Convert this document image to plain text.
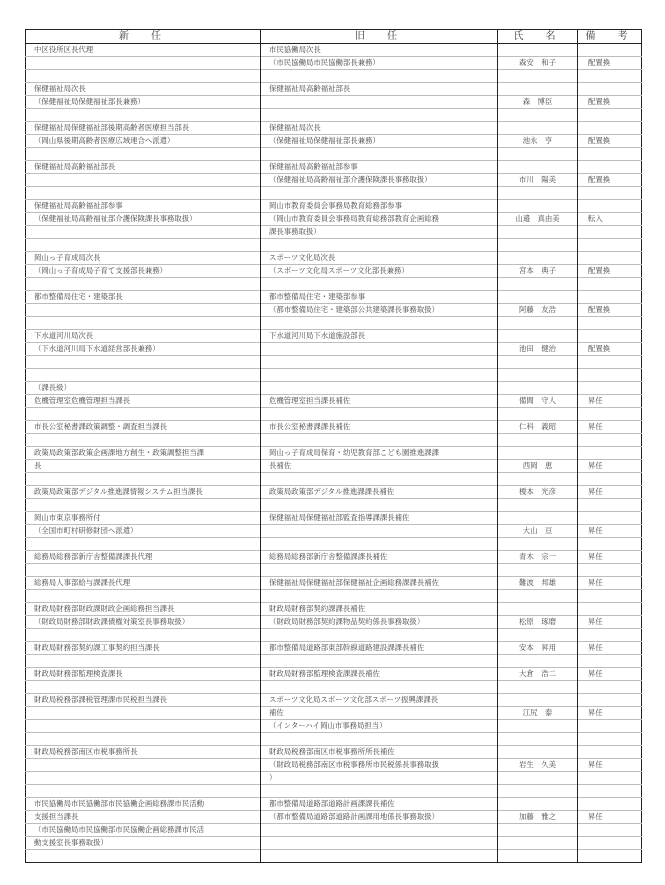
新　任	旧　任	氏　名	備　考
中区役所区長代理	市民協働局次長		
	（市民協働局市民協働部長兼務）	森安　和子	配置換

保健福祉局次長	保健福祉局高齢福祉部長		
（保健福祉局保健福祉部長兼務）		森　博臣	配置換

保健福祉局保健福祉部後期高齢者医療担当部長	保健福祉局次長		
（岡山県後期高齢者医療広域連合へ派遣）	（保健福祉局保健福祉部長兼務）	池永　亨	配置換

保健福祉局高齢福祉部長	保健福祉局高齢福祉部参事		
	（保健福祉局高齢福祉部介護保険課長事務取扱）	市川　陽美	配置換

保健福祉局高齢福祉部参事	岡山市教育委員会事務局教育総務部参事		
（保健福祉局高齢福祉部介護保険課長事務取扱）	（岡山市教育委員会事務局教育総務部教育企画総務	山邉　真由美	転入
	課長事務取扱）		

岡山っ子育成局次長	スポーツ文化局次長		
（岡山っ子育成局子育て支援部長兼務）	（スポーツ文化局スポーツ文化部長兼務）	宮本　典子	配置換

都市整備局住宅・建築部長	都市整備局住宅・建築部参事		
	（都市整備局住宅・建築部公共建築課長事務取扱）	阿藤　友浩	配置換

下水道河川局次長	下水道河川局下水道施設部長		
（下水道河川局下水道経営部長兼務）		池田　健治	配置換

（課長級）			
危機管理室危機管理担当課長	危機管理室担当課長補佐	備間　守人	昇任

市長公室秘書課政策調整・調査担当課長	市長公室秘書課課長補佐	仁科　義昭	昇任

政策局政策部政策企画課地方創生・政策調整担当課	岡山っ子育成局保育・幼児教育部こども園推進課課		
長	長補佐	西岡　恵	昇任

政策局政策部デジタル推進課情報システム担当課長	政策局政策部デジタル推進課課長補佐	榎本　光彦	昇任

岡山市東京事務所付	保健福祉局保健福祉部監査指導課課長補佐		
（全国市町村研修財団へ派遣）		大山　亘	昇任

総務局総務部新庁舎整備課課長代理	総務局総務部新庁舎整備課課長補佐	青木　宗一	昇任

総務局人事部給与課課長代理	保健福祉局保健福祉部保健福祉企画総務課課長補佐	難波　邦雄	昇任

財政局財務部財政課財政企画総務担当課長	財政局財務部契約課課長補佐		
（財政局財務部財政課債権対策室長事務取扱）	（財政局財務部契約課物品契約係長事務取扱）	松原　琢磨	昇任

財政局財務部契約課工事契約担当課長	都市整備局道路部東部幹線道路建設課課長補佐	安本　昇用	昇任

財政局財務部監理検査課長	財政局財務部監理検査課課長補佐	大倉　浩二	昇任

財政局税務部課税管理課市民税担当課長	スポーツ文化局スポーツ文化部スポーツ振興課課長		
	補佐	江尻　泰	昇任
	（インターハイ岡山市事務局担当）		

財政局税務部南区市税事務所長	財政局税務部南区市税事務所所長補佐		
	（財政局税務部南区市税事務所市民税係長事務取扱	岩生　久美	昇任
	）		

市民協働局市民協働部市民協働企画総務課市民活動	都市整備局道路部道路計画課課長補佐		
支援担当課長	（都市整備局道路部道路計画課用地係長事務取扱）	加藤　雅之	昇任
（市民協働局市民協働部市民協働企画総務課市民活			
動支援室長事務取扱）			
